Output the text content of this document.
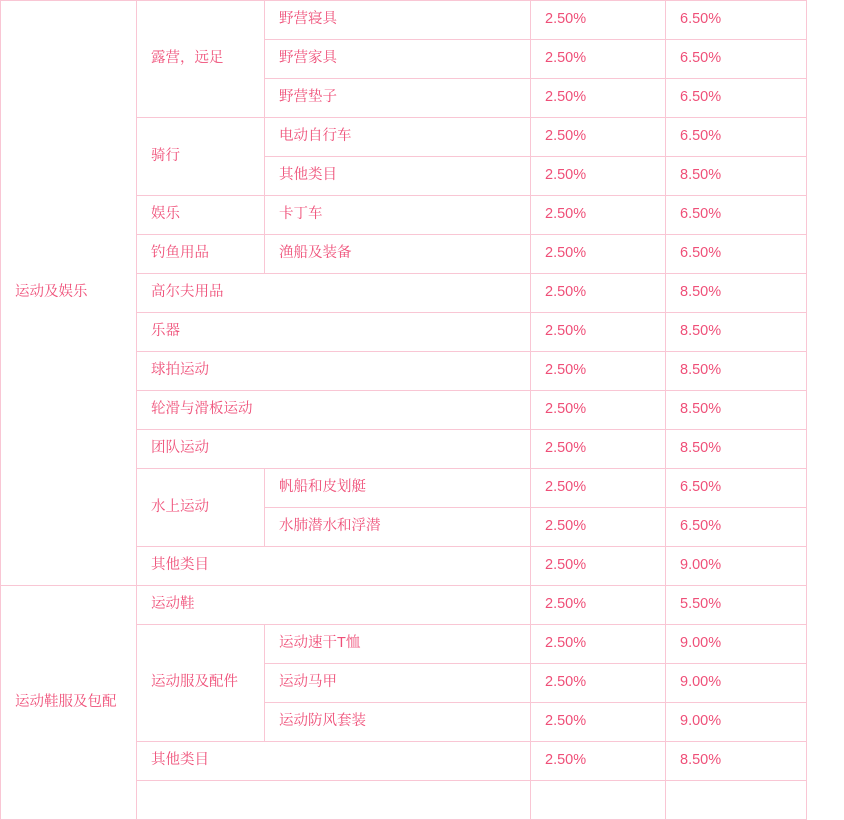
运动及娱乐	露营，远足	野营寝具	2.50%	6.50%
		野营家具	2.50%	6.50%
		野营垫子	2.50%	6.50%
	骑行	电动自行车	2.50%	6.50%
		其他类目	2.50%	8.50%
	娱乐	卡丁车	2.50%	6.50%
	钓鱼用品	渔船及装备	2.50%	6.50%
	高尔夫用品		2.50%	8.50%
	乐器		2.50%	8.50%
	球拍运动		2.50%	8.50%
	轮滑与滑板运动		2.50%	8.50%
	团队运动		2.50%	8.50%
	水上运动	帆船和皮划艇	2.50%	6.50%
		水肺潜水和浮潜	2.50%	6.50%
	其他类目		2.50%	9.00%
运动鞋服及包配	运动鞋		2.50%	5.50%
	运动服及配件	运动速干T恤	2.50%	9.00%
		运动马甲	2.50%	9.00%
		运动防风套装	2.50%	9.00%
	其他类目		2.50%	8.50%
